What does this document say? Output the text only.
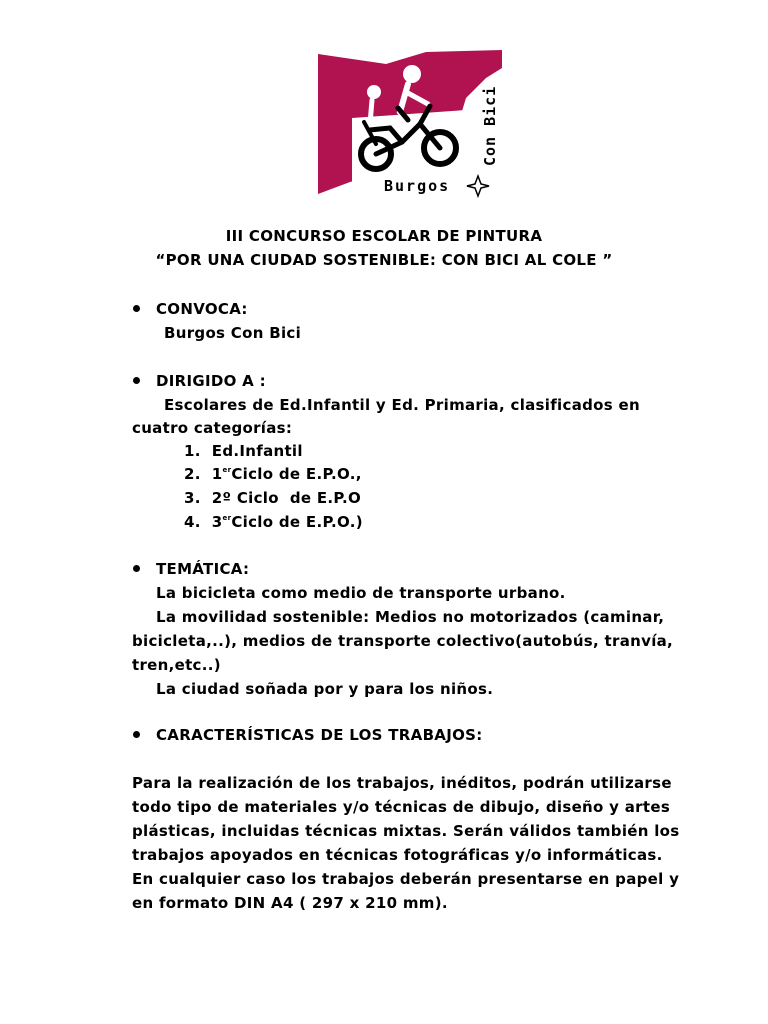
Burgos
Con Bici
III CONCURSO ESCOLAR DE PINTURA
“POR UNA CIUDAD SOSTENIBLE: CON BICI AL COLE ”
CONVOCA:
Burgos Con Bici
DIRIGIDO A :
Escolares de Ed.Infantil y Ed. Primaria, clasificados en
cuatro categorías:
1. Ed.Infantil
2. 1erCiclo de E.P.O.,
3. 2º Ciclo  de E.P.O
4. 3erCiclo de E.P.O.)
TEMÁTICA:
La bicicleta como medio de transporte urbano.
La movilidad sostenible: Medios no motorizados (caminar,
bicicleta,..), medios de transporte colectivo(autobús, tranvía,
tren,etc..)
La ciudad soñada por y para los niños.
CARACTERÍSTICAS DE LOS TRABAJOS:
Para la realización de los trabajos, inéditos, podrán utilizarse
todo tipo de materiales y/o técnicas de dibujo, diseño y artes
plásticas, incluidas técnicas mixtas. Serán válidos también los
trabajos apoyados en técnicas fotográficas y/o informáticas.
En cualquier caso los trabajos deberán presentarse en papel y
en formato DIN A4 ( 297 x 210 mm).
